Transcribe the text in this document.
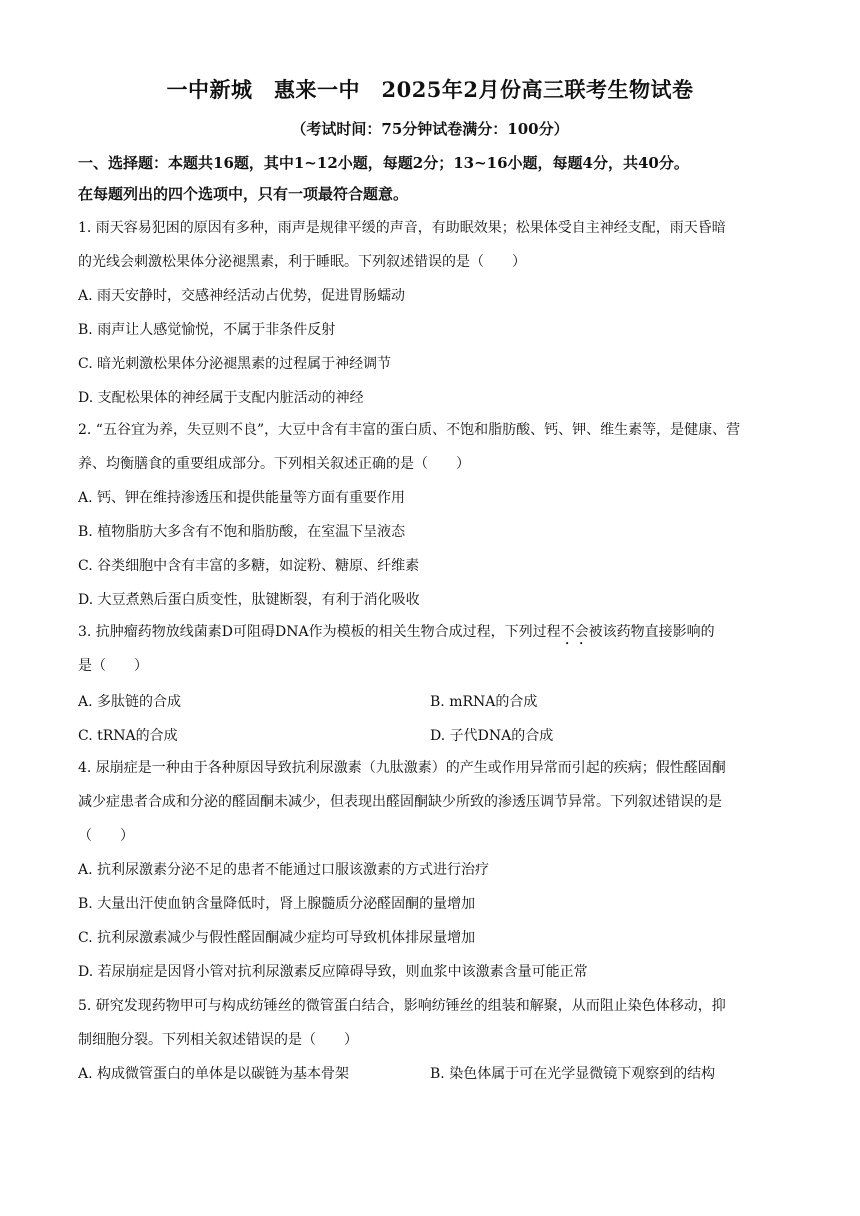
一中新城　惠来一中　2025年2月份高三联考生物试卷
（考试时间：75分钟试卷满分：100分）
一、选择题：本题共16题，其中1~12小题，每题2分；13~16小题，每题4分，共40分。
在每题列出的四个选项中，只有一项最符合题意。
1. 雨天容易犯困的原因有多种，雨声是规律平缓的声音，有助眠效果；松果体受自主神经支配，雨天昏暗
的光线会刺激松果体分泌褪黑素，利于睡眠。下列叙述错误的是（　　）
A. 雨天安静时，交感神经活动占优势，促进胃肠蠕动
B. 雨声让人感觉愉悦，不属于非条件反射
C. 暗光刺激松果体分泌褪黑素的过程属于神经调节
D. 支配松果体的神经属于支配内脏活动的神经
2. “五谷宜为养，失豆则不良”，大豆中含有丰富的蛋白质、不饱和脂肪酸、钙、钾、维生素等，是健康、营
养、均衡膳食的重要组成部分。下列相关叙述正确的是（　　）
A. 钙、钾在维持渗透压和提供能量等方面有重要作用
B. 植物脂肪大多含有不饱和脂肪酸，在室温下呈液态
C. 谷类细胞中含有丰富的多糖，如淀粉、糖原、纤维素
D. 大豆煮熟后蛋白质变性，肽键断裂，有利于消化吸收
3. 抗肿瘤药物放线菌素D可阻碍DNA作为模板的相关生物合成过程，下列过程不会被该药物直接影响的
是（　　）
A. 多肽链的合成	B. mRNA的合成
C. tRNA的合成	D. 子代DNA的合成
4. 尿崩症是一种由于各种原因导致抗利尿激素（九肽激素）的产生或作用异常而引起的疾病；假性醛固酮
减少症患者合成和分泌的醛固酮未减少，但表现出醛固酮缺少所致的渗透压调节异常。下列叙述错误的是
（　　）
A. 抗利尿激素分泌不足的患者不能通过口服该激素的方式进行治疗
B. 大量出汗使血钠含量降低时，肾上腺髓质分泌醛固酮的量增加
C. 抗利尿激素减少与假性醛固酮减少症均可导致机体排尿量增加
D. 若尿崩症是因肾小管对抗利尿激素反应障碍导致，则血浆中该激素含量可能正常
5. 研究发现药物甲可与构成纺锤丝的微管蛋白结合，影响纺锤丝的组装和解聚，从而阻止染色体移动，抑
制细胞分裂。下列相关叙述错误的是（　　）
A. 构成微管蛋白的单体是以碳链为基本骨架	B. 染色体属于可在光学显微镜下观察到的结构
